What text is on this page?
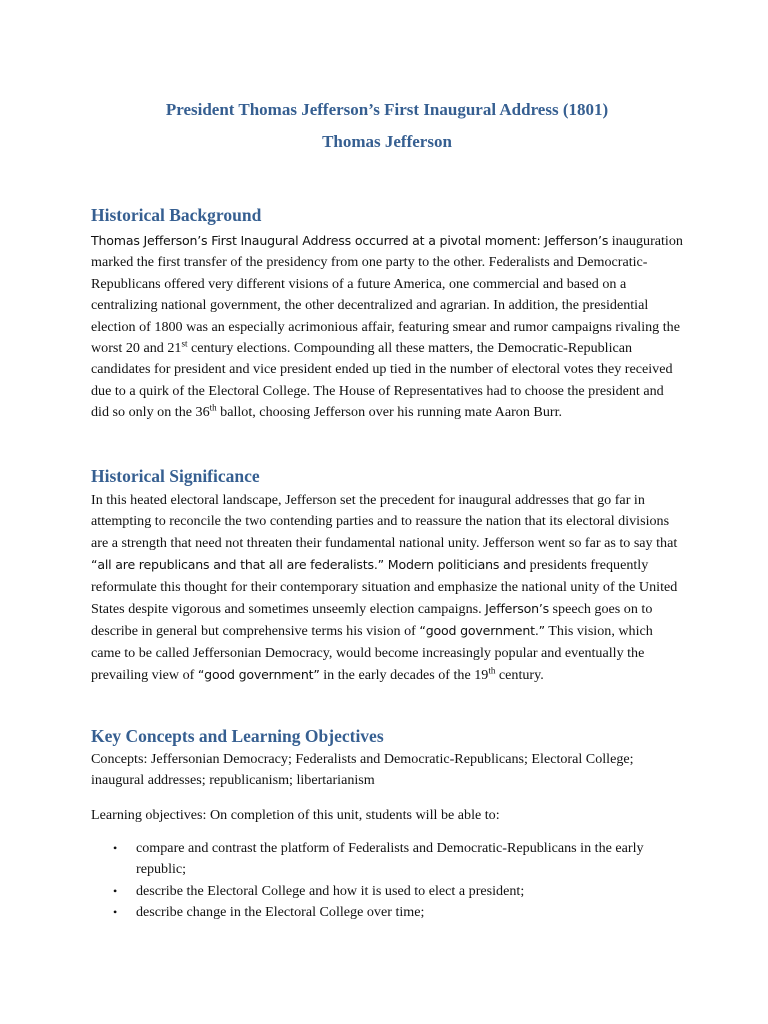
President Thomas Jefferson’s First Inaugural Address (1801)
Thomas Jefferson
Historical Background

Thomas Jefferson’s First Inaugural Address occurred at a pivotal moment: Jefferson’s inauguration marked the first transfer of the presidency from one party to the other. Federalists and Democratic-Republicans offered very different visions of a future America, one commercial and based on a centralizing national government, the other decentralized and agrarian. In addition, the presidential election of 1800 was an especially acrimonious affair, featuring smear and rumor campaigns rivaling the worst 20 and 21st century elections. Compounding all these matters, the Democratic-Republican candidates for president and vice president ended up tied in the number of electoral votes they received due to a quirk of the Electoral College. The House of Representatives had to choose the president and did so only on the 36th ballot, choosing Jefferson over his running mate Aaron Burr.

Historical Significance

In this heated electoral landscape, Jefferson set the precedent for inaugural addresses that go far in attempting to reconcile the two contending parties and to reassure the nation that its electoral divisions are a strength that need not threaten their fundamental national unity. Jefferson went so far as to say that “all are republicans and that all are federalists.” Modern politicians and presidents frequently reformulate this thought for their contemporary situation and emphasize the national unity of the United States despite vigorous and sometimes unseemly election campaigns. Jefferson’s speech goes on to describe in general but comprehensive terms his vision of “good government.” This vision, which came to be called Jeffersonian Democracy, would become increasingly popular and eventually the prevailing view of “good government” in the early decades of the 19th century.

Key Concepts and Learning Objectives

Concepts: Jeffersonian Democracy; Federalists and Democratic-Republicans; Electoral College; inaugural addresses; republicanism; libertarianism

Learning objectives: On completion of this unit, students will be able to:

• compare and contrast the platform of Federalists and Democratic-Republicans in the early republic;
• describe the Electoral College and how it is used to elect a president;
• describe change in the Electoral College over time;
